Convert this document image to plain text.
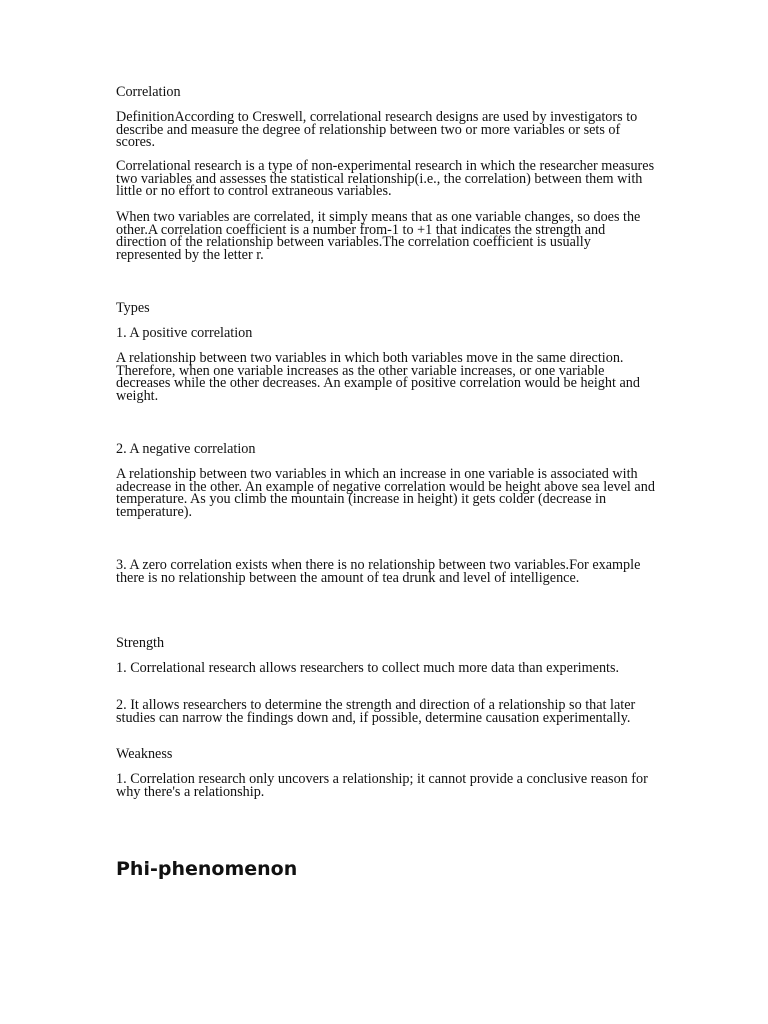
Correlation

DefinitionAccording to Creswell, correlational research designs are used by investigators to describe and measure the degree of relationship between two or more variables or sets of scores.

Correlational research is a type of non-experimental research in which the researcher measures two variables and assesses the statistical relationship(i.e., the correlation) between them with little or no effort to control extraneous variables.

When two variables are correlated, it simply means that as one variable changes, so does the other.A correlation coefficient is a number from-1 to +1 that indicates the strength and direction of the relationship between variables.The correlation coefficient is usually represented by the letter r.

Types

1. A positive correlation

A relationship between two variables in which both variables move in the same direction. Therefore, when one variable increases as the other variable increases, or one variable decreases while the other decreases. An example of positive correlation would be height and weight.

2. A negative correlation

A relationship between two variables in which an increase in one variable is associated with adecrease in the other. An example of negative correlation would be height above sea level and temperature. As you climb the mountain (increase in height) it gets colder (decrease in temperature).

3. A zero correlation exists when there is no relationship between two variables.For example there is no relationship between the amount of tea drunk and level of intelligence.

Strength

1. Correlational research allows researchers to collect much more data than experiments.

2. It allows researchers to determine the strength and direction of a relationship so that later studies can narrow the findings down and, if possible, determine causation experimentally.

Weakness

1. Correlation research only uncovers a relationship; it cannot provide a conclusive reason for why there's a relationship.

Phi-phenomenon
